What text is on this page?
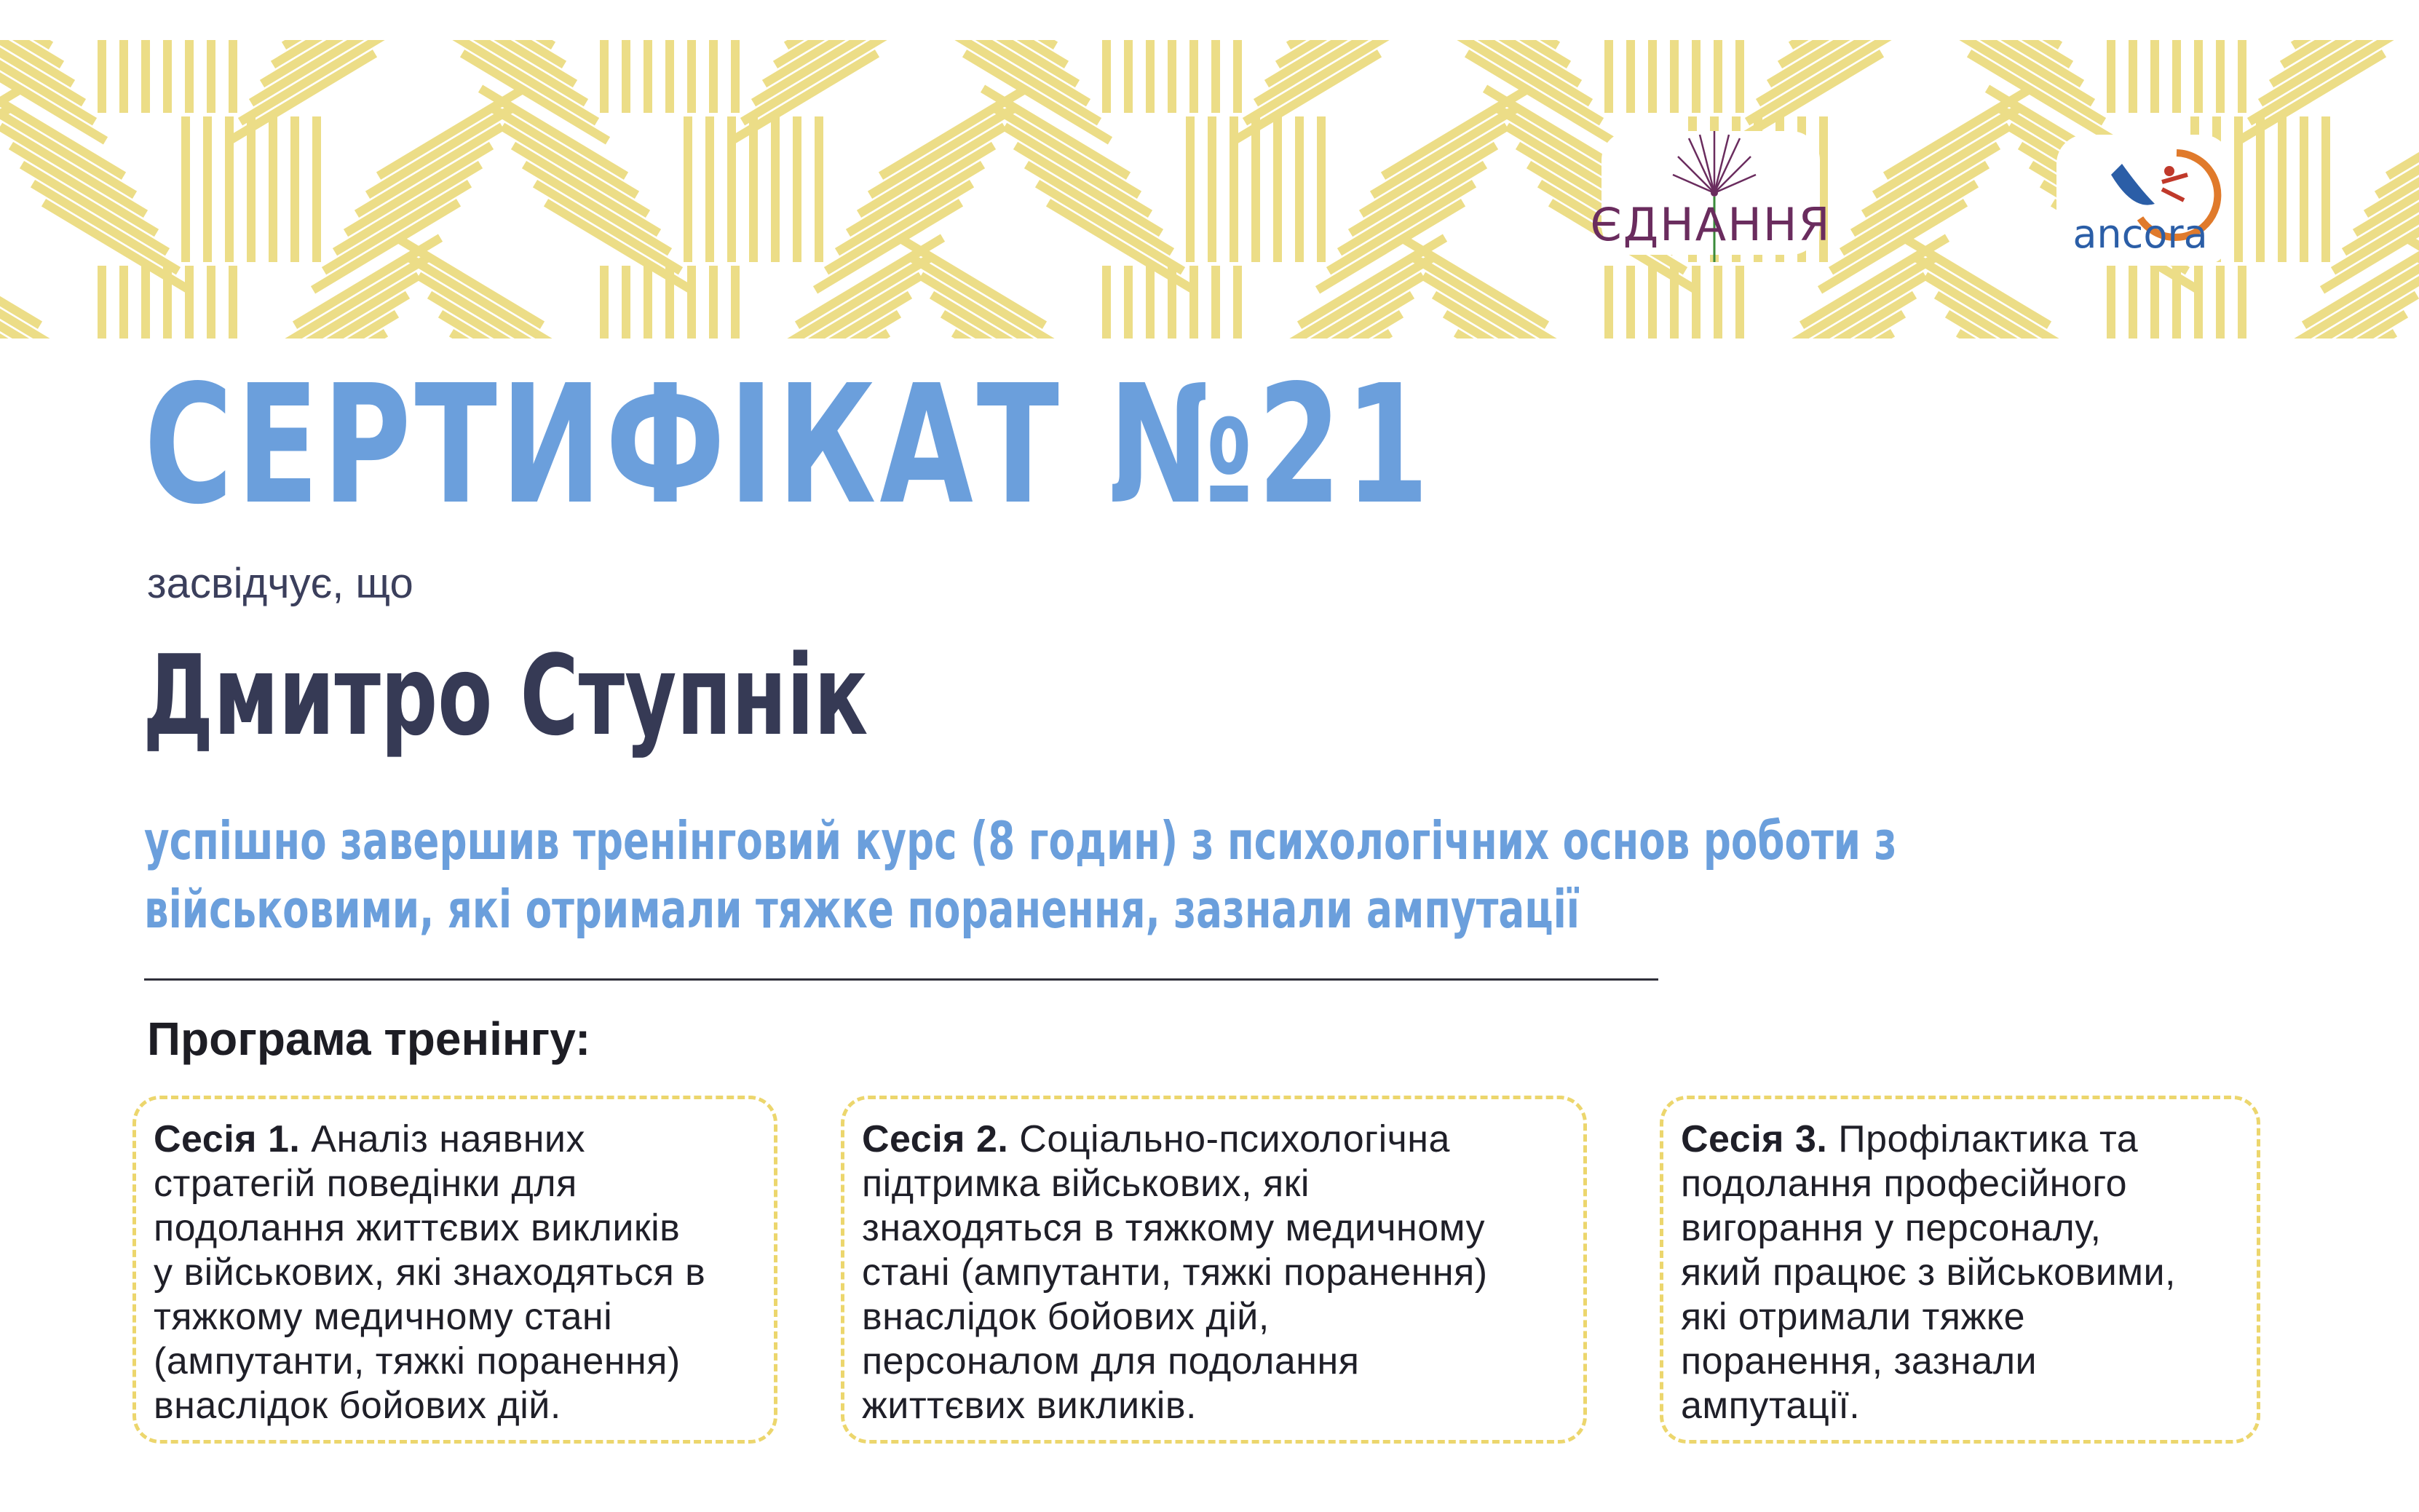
ЄДНАННЯ	ancora
СЕРТИФІКАТ №21
засвідчує, що
Дмитро Ступнік
успішно завершив тренінговий курс (8 годин) з психологічних основ роботи з
військовими, які отримали тяжке поранення, зазнали ампутації
Програма тренінгу:
Сесія 1. Аналіз наявних
стратегій поведінки для
подолання життєвих викликів
у військових, які знаходяться в
тяжкому медичному стані
(ампутанти, тяжкі поранення)
внаслідок бойових дій.
Сесія 2. Соціально-психологічна
підтримка військових, які
знаходяться в тяжкому медичному
стані (ампутанти, тяжкі поранення)
внаслідок бойових дій,
персоналом для подолання
життєвих викликів.
Сесія 3. Профілактика та
подолання професійного
вигорання у персоналу,
який працює з військовими,
які отримали тяжке
поранення, зазнали
ампутації.
